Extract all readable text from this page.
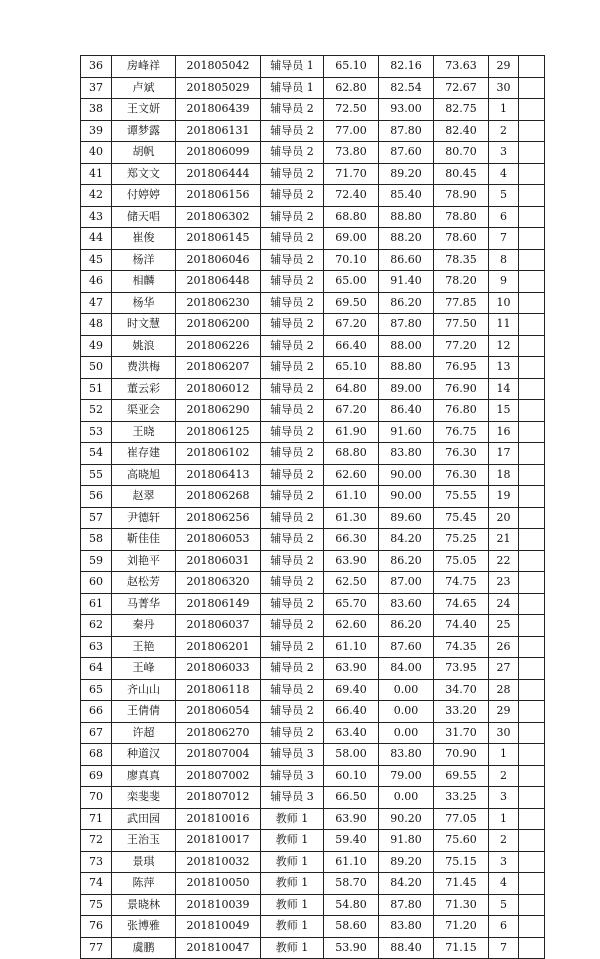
36	房峰祥	201805042	辅导员 1	65.10	82.16	73.63	29	
37	卢斌	201805029	辅导员 1	62.80	82.54	72.67	30	
38	王文妍	201806439	辅导员 2	72.50	93.00	82.75	1	
39	谭梦露	201806131	辅导员 2	77.00	87.80	82.40	2	
40	胡帆	201806099	辅导员 2	73.80	87.60	80.70	3	
41	郑文文	201806444	辅导员 2	71.70	89.20	80.45	4	
42	付婷婷	201806156	辅导员 2	72.40	85.40	78.90	5	
43	储天唱	201806302	辅导员 2	68.80	88.80	78.80	6	
44	崔俊	201806145	辅导员 2	69.00	88.20	78.60	7	
45	杨洋	201806046	辅导员 2	70.10	86.60	78.35	8	
46	相麟	201806448	辅导员 2	65.00	91.40	78.20	9	
47	杨华	201806230	辅导员 2	69.50	86.20	77.85	10	
48	时文慧	201806200	辅导员 2	67.20	87.80	77.50	11	
49	姚浪	201806226	辅导员 2	66.40	88.00	77.20	12	
50	费洪梅	201806207	辅导员 2	65.10	88.80	76.95	13	
51	董云彩	201806012	辅导员 2	64.80	89.00	76.90	14	
52	渠亚会	201806290	辅导员 2	67.20	86.40	76.80	15	
53	王晓	201806125	辅导员 2	61.90	91.60	76.75	16	
54	崔存建	201806102	辅导员 2	68.80	83.80	76.30	17	
55	高晓旭	201806413	辅导员 2	62.60	90.00	76.30	18	
56	赵翠	201806268	辅导员 2	61.10	90.00	75.55	19	
57	尹德轩	201806256	辅导员 2	61.30	89.60	75.45	20	
58	靳佳佳	201806053	辅导员 2	66.30	84.20	75.25	21	
59	刘艳平	201806031	辅导员 2	63.90	86.20	75.05	22	
60	赵松芳	201806320	辅导员 2	62.50	87.00	74.75	23	
61	马菁华	201806149	辅导员 2	65.70	83.60	74.65	24	
62	秦丹	201806037	辅导员 2	62.60	86.20	74.40	25	
63	王艳	201806201	辅导员 2	61.10	87.60	74.35	26	
64	王峰	201806033	辅导员 2	63.90	84.00	73.95	27	
65	齐山山	201806118	辅导员 2	69.40	0.00	34.70	28	
66	王倩倩	201806054	辅导员 2	66.40	0.00	33.20	29	
67	许超	201806270	辅导员 2	63.40	0.00	31.70	30	
68	种道汉	201807004	辅导员 3	58.00	83.80	70.90	1	
69	廖真真	201807002	辅导员 3	60.10	79.00	69.55	2	
70	栾斐斐	201807012	辅导员 3	66.50	0.00	33.25	3	
71	武田园	201810016	教师 1	63.90	90.20	77.05	1	
72	王治玉	201810017	教师 1	59.40	91.80	75.60	2	
73	景琪	201810032	教师 1	61.10	89.20	75.15	3	
74	陈萍	201810050	教师 1	58.70	84.20	71.45	4	
75	景晓林	201810039	教师 1	54.80	87.80	71.30	5	
76	张博雅	201810049	教师 1	58.60	83.80	71.20	6	
77	虞鹏	201810047	教师 1	53.90	88.40	71.15	7	
